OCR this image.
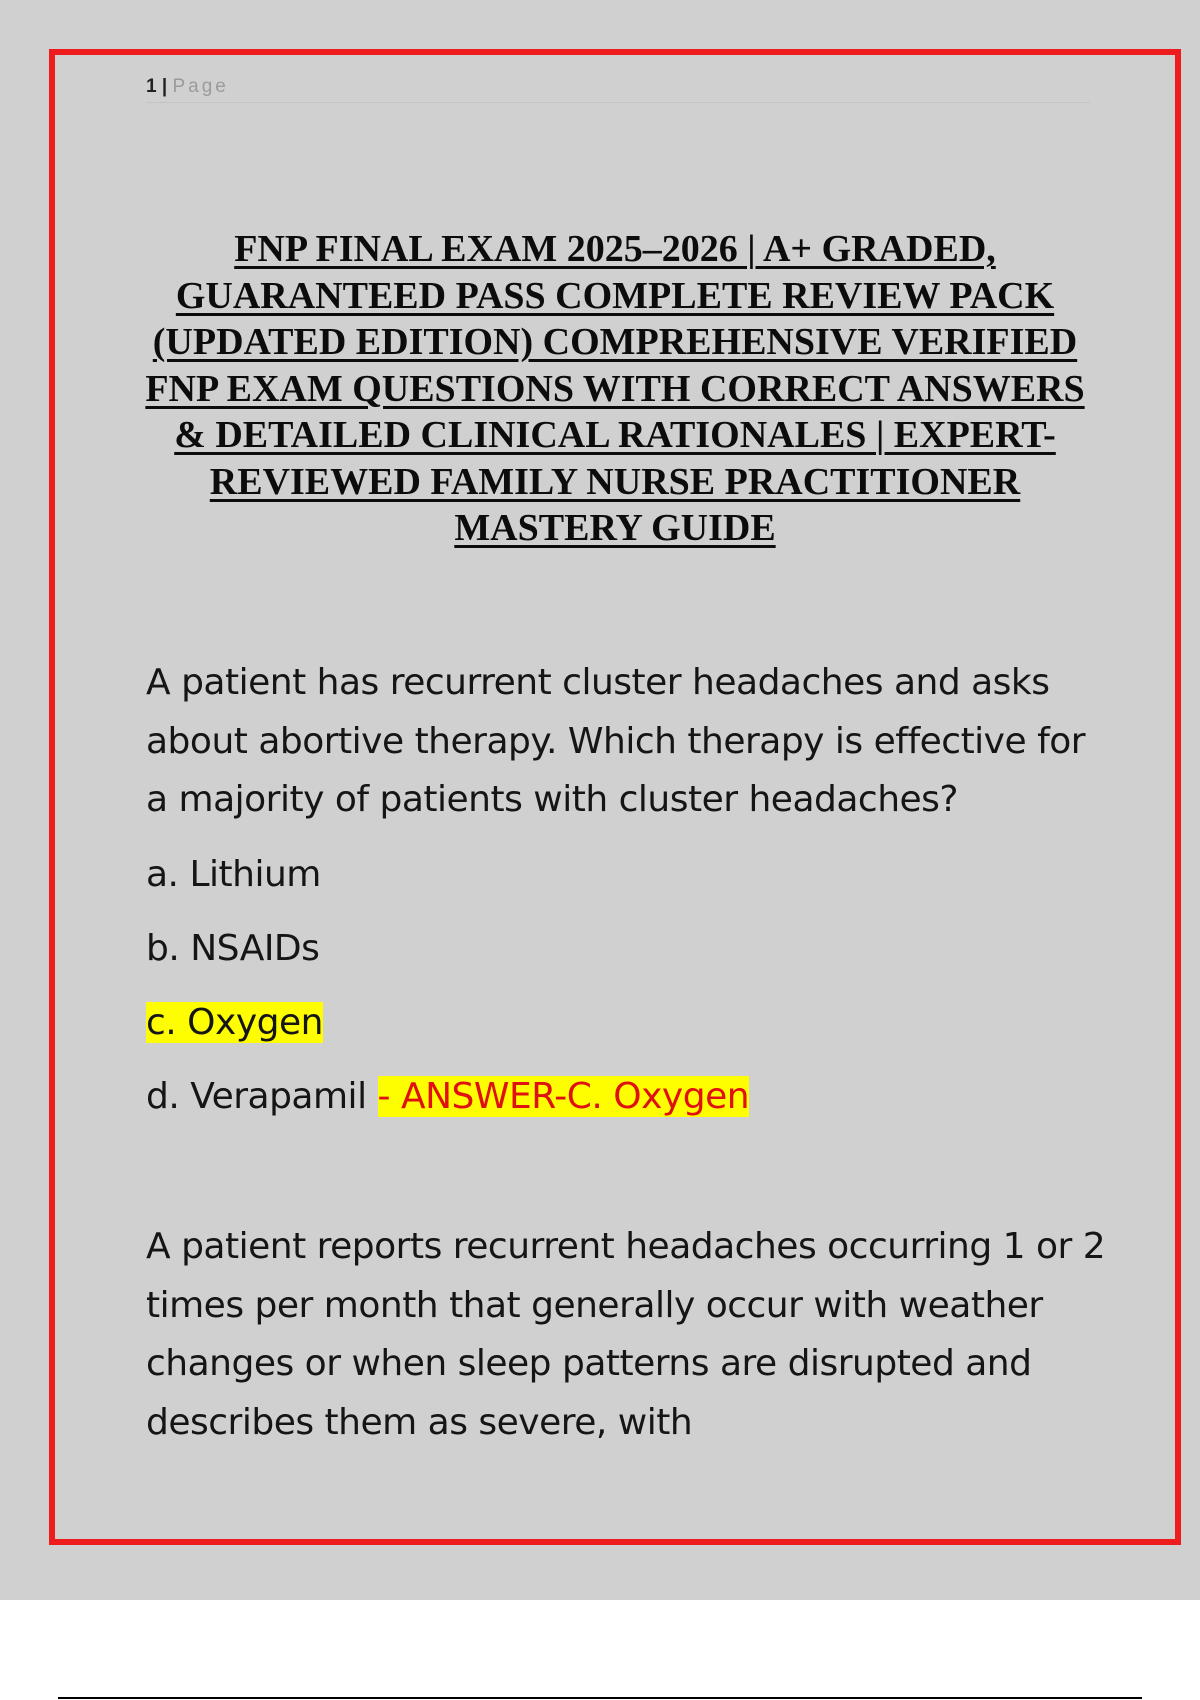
1 | Page
FNP FINAL EXAM 2025–2026 | A+ GRADED, GUARANTEED PASS COMPLETE REVIEW PACK (UPDATED EDITION) COMPREHENSIVE VERIFIED FNP EXAM QUESTIONS WITH CORRECT ANSWERS & DETAILED CLINICAL RATIONALES | EXPERT-REVIEWED FAMILY NURSE PRACTITIONER MASTERY GUIDE

A patient has recurrent cluster headaches and asks about abortive therapy. Which therapy is effective for a majority of patients with cluster headaches?

a. Lithium
b. NSAIDs
c. Oxygen
d. Verapamil - ANSWER-C. Oxygen

A patient reports recurrent headaches occurring 1 or 2 times per month that generally occur with weather changes or when sleep patterns are disrupted and describes them as severe, with
